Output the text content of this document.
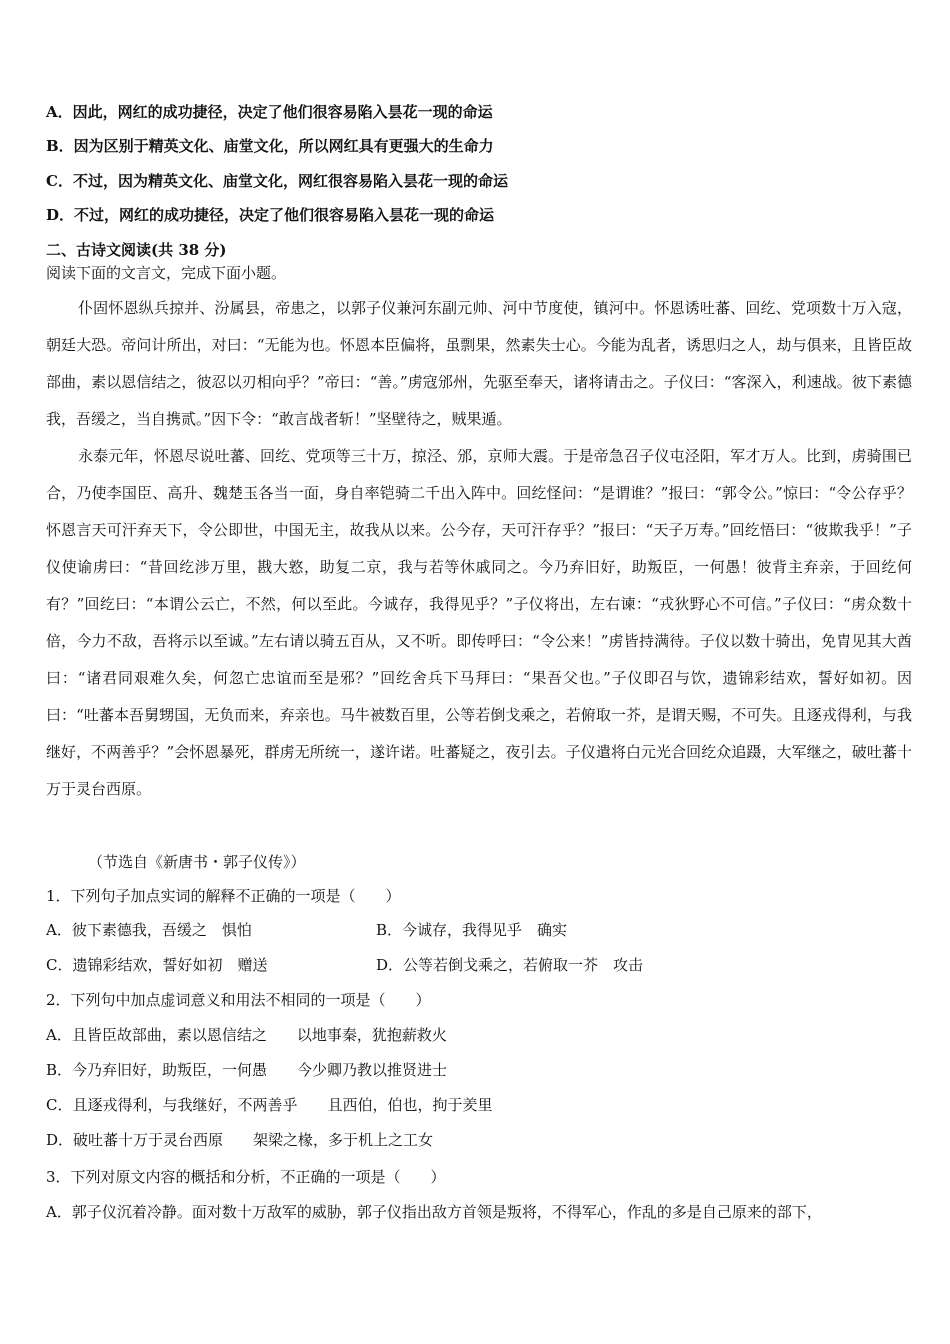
A．因此，网红的成功捷径，决定了他们很容易陷入昙花一现的命运
B．因为区别于精英文化、庙堂文化，所以网红具有更强大的生命力
C．不过，因为精英文化、庙堂文化，网红很容易陷入昙花一现的命运
D．不过，网红的成功捷径，决定了他们很容易陷入昙花一现的命运
二、古诗文阅读(共 38 分)
阅读下面的文言文，完成下面小题。
仆固怀恩纵兵掠并、汾属县，帝患之，以郭子仪兼河东副元帅、河中节度使，镇河中。怀恩诱吐蕃、回纥、党项数十万入寇，朝廷大恐。帝问计所出，对曰：“无能为也。怀恩本臣偏将，虽剽果，然素失士心。今能为乱者，诱思归之人，劫与俱来，且皆臣故部曲，素以恩信结之，彼忍以刃相向乎？”帝曰：“善。”虏寇邠州，先驱至奉天，诸将请击之。子仪曰：“客深入，利速战。彼下素德我，吾缓之，当自携贰。”因下令：“敢言战者斩！”坚壁待之，贼果遁。
永泰元年，怀恩尽说吐蕃、回纥、党项等三十万，掠泾、邠，京师大震。于是帝急召子仪屯泾阳，军才万人。比到，虏骑围已合，乃使李国臣、高升、魏楚玉各当一面，身自率铠骑二千出入阵中。回纥怪问：“是谓谁？”报曰：“郭令公。”惊曰：“令公存乎？怀恩言天可汗弃天下，令公即世，中国无主，故我从以来。公今存，天可汗存乎？”报曰：“天子万寿。”回纥悟曰：“彼欺我乎！”子仪使谕虏曰：“昔回纥涉万里，戡大憝，助复二京，我与若等休戚同之。今乃弃旧好，助叛臣，一何愚！彼背主弃亲，于回纥何有？”回纥曰：“本谓公云亡，不然，何以至此。今诚存，我得见乎？”子仪将出，左右谏：“戎狄野心不可信。”子仪曰：“虏众数十倍，今力不敌，吾将示以至诚。”左右请以骑五百从，又不听。即传呼曰：“令公来！”虏皆持满待。子仪以数十骑出，免胄见其大酋曰：“诸君同艰难久矣，何忽亡忠谊而至是邪？”回纥舍兵下马拜曰：“果吾父也。”子仪即召与饮，遗锦彩结欢，誓好如初。因曰：“吐蕃本吾舅甥国，无负而来，弃亲也。马牛被数百里，公等若倒戈乘之，若俯取一芥，是谓天赐，不可失。且逐戎得利，与我继好，不两善乎？”会怀恩暴死，群虏无所统一，遂许诺。吐蕃疑之，夜引去。子仪遣将白元光合回纥众追蹑，大军继之，破吐蕃十万于灵台西原。
（节选自《新唐书・郭子仪传》）
1．下列句子加点实词的解释不正确的一项是（　　）
A．彼下素德我，吾缓之　惧怕	B．今诚存，我得见乎　确实
C．遗锦彩结欢，誓好如初　赠送	D．公等若倒戈乘之，若俯取一芥　攻击
2．下列句中加点虚词意义和用法不相同的一项是（　　）
A．且皆臣故部曲，素以恩信结之 以地事秦，犹抱薪救火
B．今乃弃旧好，助叛臣，一何愚 今少卿乃教以推贤进士
C．且逐戎得利，与我继好，不两善乎 且西伯，伯也，拘于羑里
D．破吐蕃十万于灵台西原 架梁之椽，多于机上之工女
3．下列对原文内容的概括和分析，不正确的一项是（　　）
A．郭子仪沉着冷静。面对数十万敌军的威胁，郭子仪指出敌方首领是叛将，不得军心，作乱的多是自己原来的部下，
